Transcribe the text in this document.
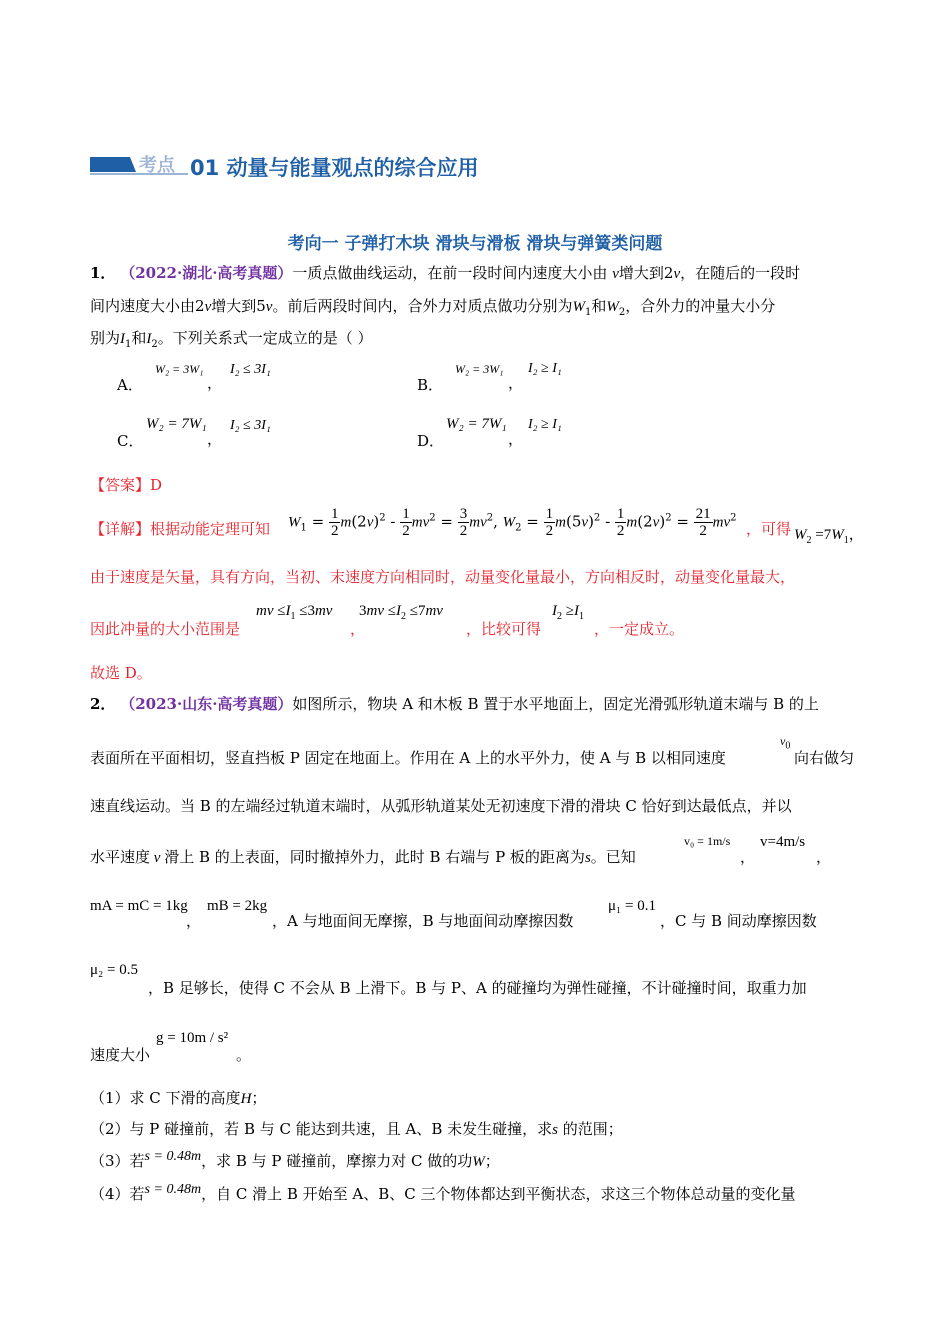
考点 01 动量与能量观点的综合应用
考向一 子弹打木块 滑块与滑板 滑块与弹簧类问题
1． （2022·湖北·高考真题）一质点做曲线运动，在前一段时间内速度大小由 v增大到2v，在随后的一段时
间内速度大小由2v增大到5v。前后两段时间内，合外力对质点做功分别为$W_1$和$W_2$，合外力的冲量大小分
别为$I_1$和$I_2$。下列关系式一定成立的是（ ）
A．
W₂ = 3W₁
，
I₂ ≤ 3I₁
B．
W₂ = 3W₁
，
I₂ ≥ I₁
C．
W₂ = 7W₁
，
I₂ ≤ 3I₁
D．
W₂ = 7W₁
，
I₂ ≥ I₁
【答案】D
【详解】根据动能定理可知 $W_1 = \frac{1}{2} m(2v)^2 - \frac{1}{2} mv^2 = \frac{3}{2} mv^2$, $W_2 = \frac{1}{2} m(5v)^2 - \frac{1}{2} m(2v)^2 = \frac{21}{2} mv^2$
，可得 $W_2 =7W_1$，
由于速度是矢量，具有方向，当初、末速度方向相同时，动量变化量最小，方向相反时，动量变化量最大，
因此冲量的大小范围是
mv $\le I_1 \le 3mv$
，
$3mv \le I_2 \le 7mv$
，比较可得
$I_2 \ge I_1$
，一定成立。
故选 D。
2． （2023·山东·高考真题）如图所示，物块 A 和木板 B 置于水平地面上，固定光滑弧形轨道末端与 B 的上
表面所在平面相切，竖直挡板 P 固定在地面上。作用在 A 上的水平外力，使 A 与 B 以相同速度
$v_0$
向右做匀
速直线运动。当 B 的左端经过轨道末端时，从弧形轨道某处无初速度下滑的滑块 C 恰好到达最低点，并以
水平速度 v 滑上 B 的上表面，同时撤掉外力，此时 B 右端与 P 板的距离为s。已知
v₀ = 1m/s
，
v=4m/s
，
mA = mC = 1kg
，
mB = 2kg
，A 与地面间无摩擦，B 与地面间动摩擦因数
μ₁ = 0.1
，C 与 B 间动摩擦因数
μ₂ = 0.5
，B 足够长，使得 C 不会从 B 上滑下。B 与 P、A 的碰撞均为弹性碰撞，不计碰撞时间，取重力加
速度大小
g = 10m / s²
。
（1）求 C 下滑的高度H；
（2）与 P 碰撞前，若 B 与 C 能达到共速，且 A、B 未发生碰撞，求s 的范围；
（3）若s = 0.48m，求 B 与 P 碰撞前，摩擦力对 C 做的功W；
（4）若s = 0.48m，自 C 滑上 B 开始至 A、B、C 三个物体都达到平衡状态，求这三个物体总动量的变化量
